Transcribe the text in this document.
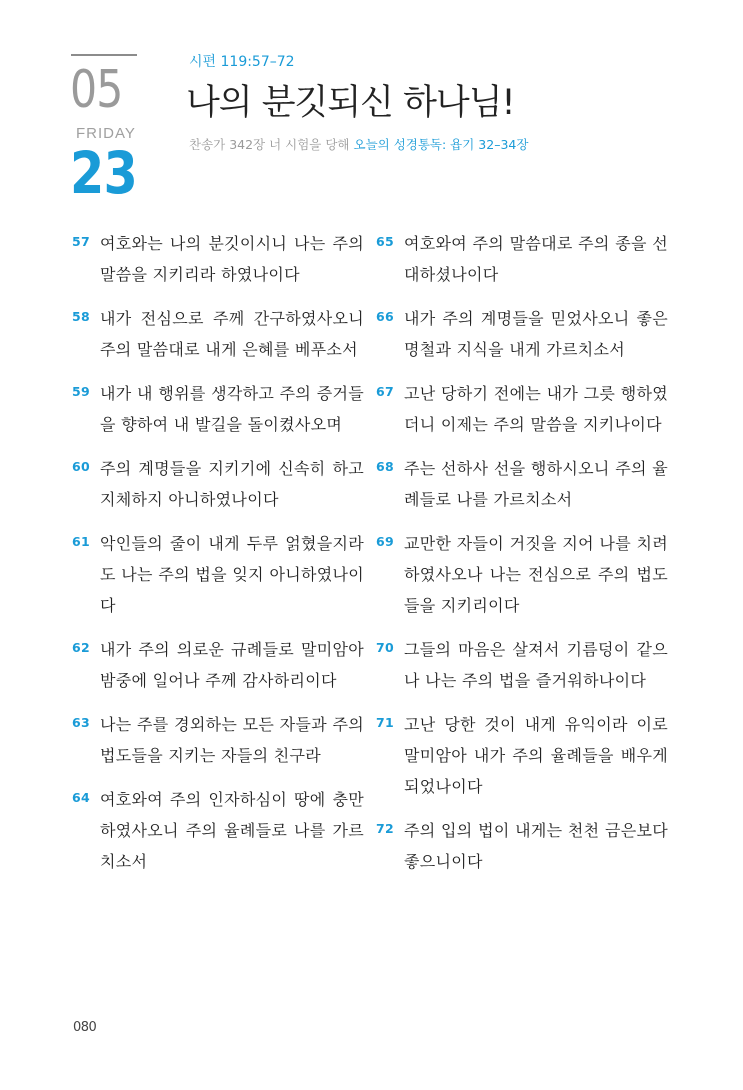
05
FRIDAY
23
시편 119:57–72
나의 분깃되신 하나님!
찬송가 342장 너 시험을 당해 오늘의 성경통독: 욥기 32–34장
57 여호와는 나의 분깃이시니 나는 주의 말씀을 지키리라 하였나이다
58 내가 전심으로 주께 간구하였사오니 주의 말씀대로 내게 은혜를 베푸소서
59 내가 내 행위를 생각하고 주의 증거들을 향하여 내 발길을 돌이켰사오며
60 주의 계명들을 지키기에 신속히 하고 지체하지 아니하였나이다
61 악인들의 줄이 내게 두루 얽혔을지라도 나는 주의 법을 잊지 아니하였나이다
62 내가 주의 의로운 규례들로 말미암아 밤중에 일어나 주께 감사하리이다
63 나는 주를 경외하는 모든 자들과 주의 법도들을 지키는 자들의 친구라
64 여호와여 주의 인자하심이 땅에 충만하였사오니 주의 율례들로 나를 가르치소서
65 여호와여 주의 말씀대로 주의 종을 선대하셨나이다
66 내가 주의 계명들을 믿었사오니 좋은 명철과 지식을 내게 가르치소서
67 고난 당하기 전에는 내가 그릇 행하였더니 이제는 주의 말씀을 지키나이다
68 주는 선하사 선을 행하시오니 주의 율례들로 나를 가르치소서
69 교만한 자들이 거짓을 지어 나를 치려 하였사오나 나는 전심으로 주의 법도들을 지키리이다
70 그들의 마음은 살져서 기름덩이 같으나 나는 주의 법을 즐거워하나이다
71 고난 당한 것이 내게 유익이라 이로 말미암아 내가 주의 율례들을 배우게 되었나이다
72 주의 입의 법이 내게는 천천 금은보다 좋으니이다
080
